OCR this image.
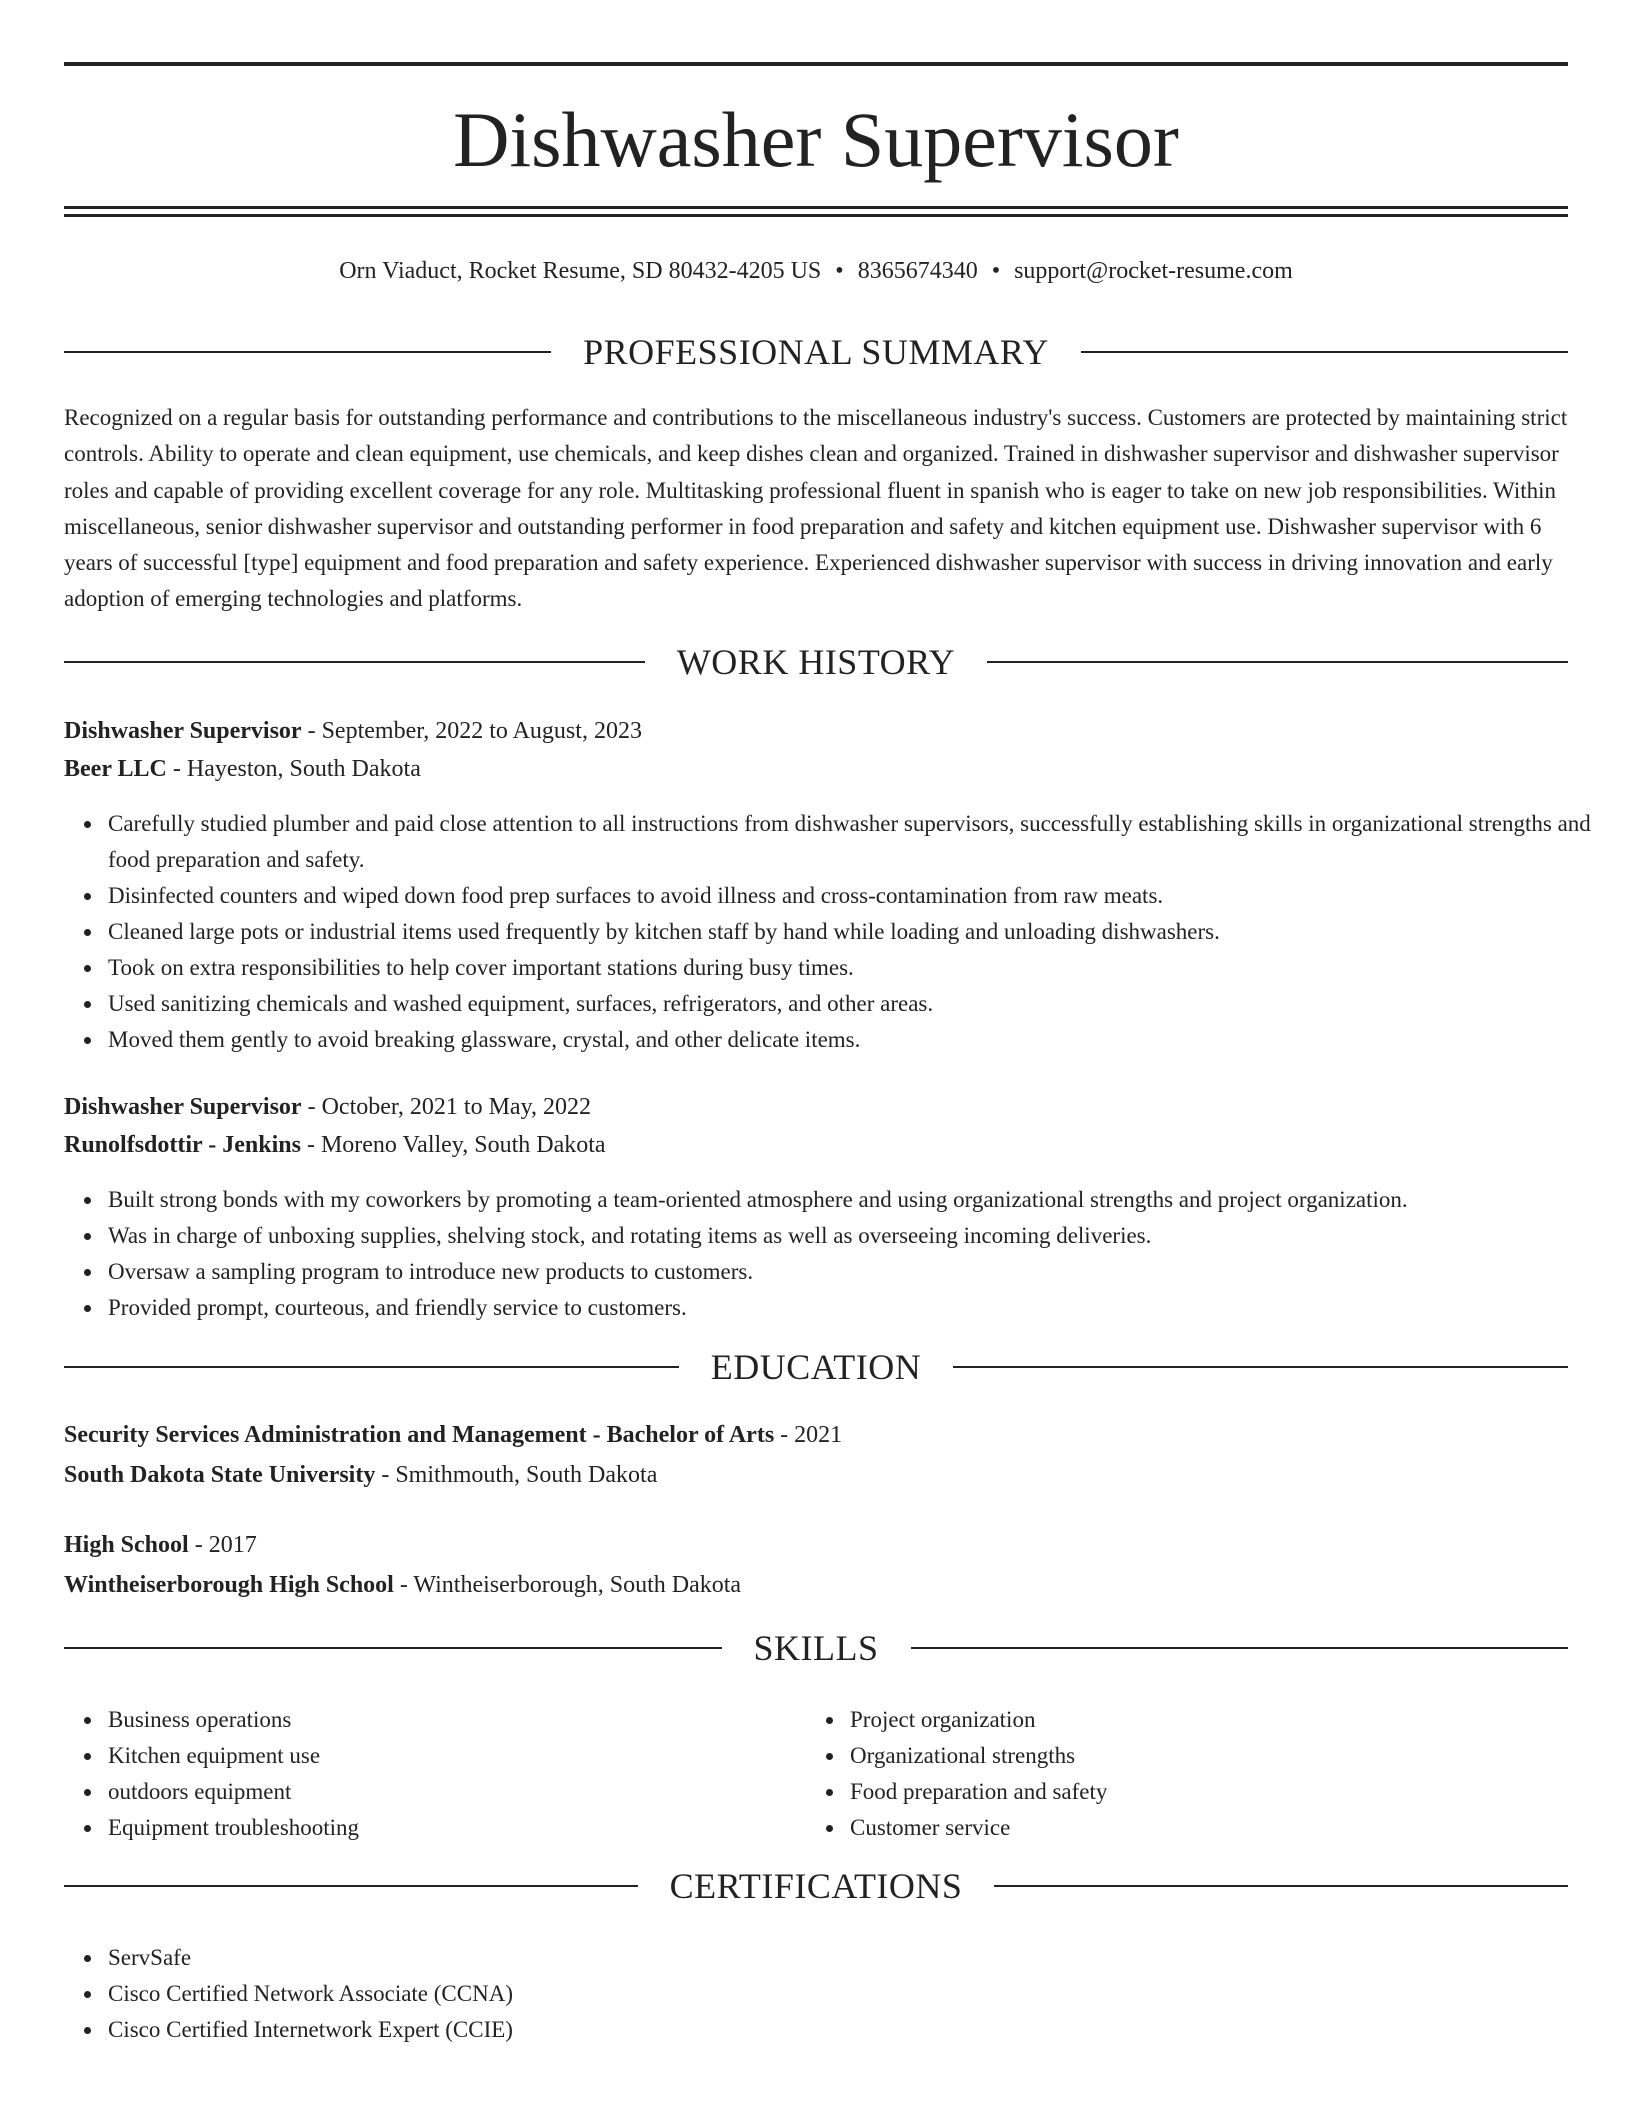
Dishwasher Supervisor
Orn Viaduct, Rocket Resume, SD 80432-4205 US • 8365674340 • support@rocket-resume.com
PROFESSIONAL SUMMARY

Recognized on a regular basis for outstanding performance and contributions to the miscellaneous industry's success. Customers are protected by maintaining strict controls. Ability to operate and clean equipment, use chemicals, and keep dishes clean and organized. Trained in dishwasher supervisor and dishwasher supervisor roles and capable of providing excellent coverage for any role. Multitasking professional fluent in spanish who is eager to take on new job responsibilities. Within miscellaneous, senior dishwasher supervisor and outstanding performer in food preparation and safety and kitchen equipment use. Dishwasher supervisor with 6 years of successful [type] equipment and food preparation and safety experience. Experienced dishwasher supervisor with success in driving innovation and early adoption of emerging technologies and platforms.

WORK HISTORY
Dishwasher Supervisor - September, 2022 to August, 2023
Beer LLC - Hayeston, South Dakota
Carefully studied plumber and paid close attention to all instructions from dishwasher supervisors, successfully establishing skills in organizational strengths and food preparation and safety.
Disinfected counters and wiped down food prep surfaces to avoid illness and cross-contamination from raw meats.
Cleaned large pots or industrial items used frequently by kitchen staff by hand while loading and unloading dishwashers.
Took on extra responsibilities to help cover important stations during busy times.
Used sanitizing chemicals and washed equipment, surfaces, refrigerators, and other areas.
Moved them gently to avoid breaking glassware, crystal, and other delicate items.
Dishwasher Supervisor - October, 2021 to May, 2022
Runolfsdottir - Jenkins - Moreno Valley, South Dakota
Built strong bonds with my coworkers by promoting a team-oriented atmosphere and using organizational strengths and project organization.
Was in charge of unboxing supplies, shelving stock, and rotating items as well as overseeing incoming deliveries.
Oversaw a sampling program to introduce new products to customers.
Provided prompt, courteous, and friendly service to customers.
EDUCATION
Security Services Administration and Management - Bachelor of Arts - 2021
South Dakota State University - Smithmouth, South Dakota
High School - 2017
Wintheiserborough High School - Wintheiserborough, South Dakota
SKILLS
Business operations
Kitchen equipment use
outdoors equipment
Equipment troubleshooting
Project organization
Organizational strengths
Food preparation and safety
Customer service
CERTIFICATIONS
ServSafe
Cisco Certified Network Associate (CCNA)
Cisco Certified Internetwork Expert (CCIE)
